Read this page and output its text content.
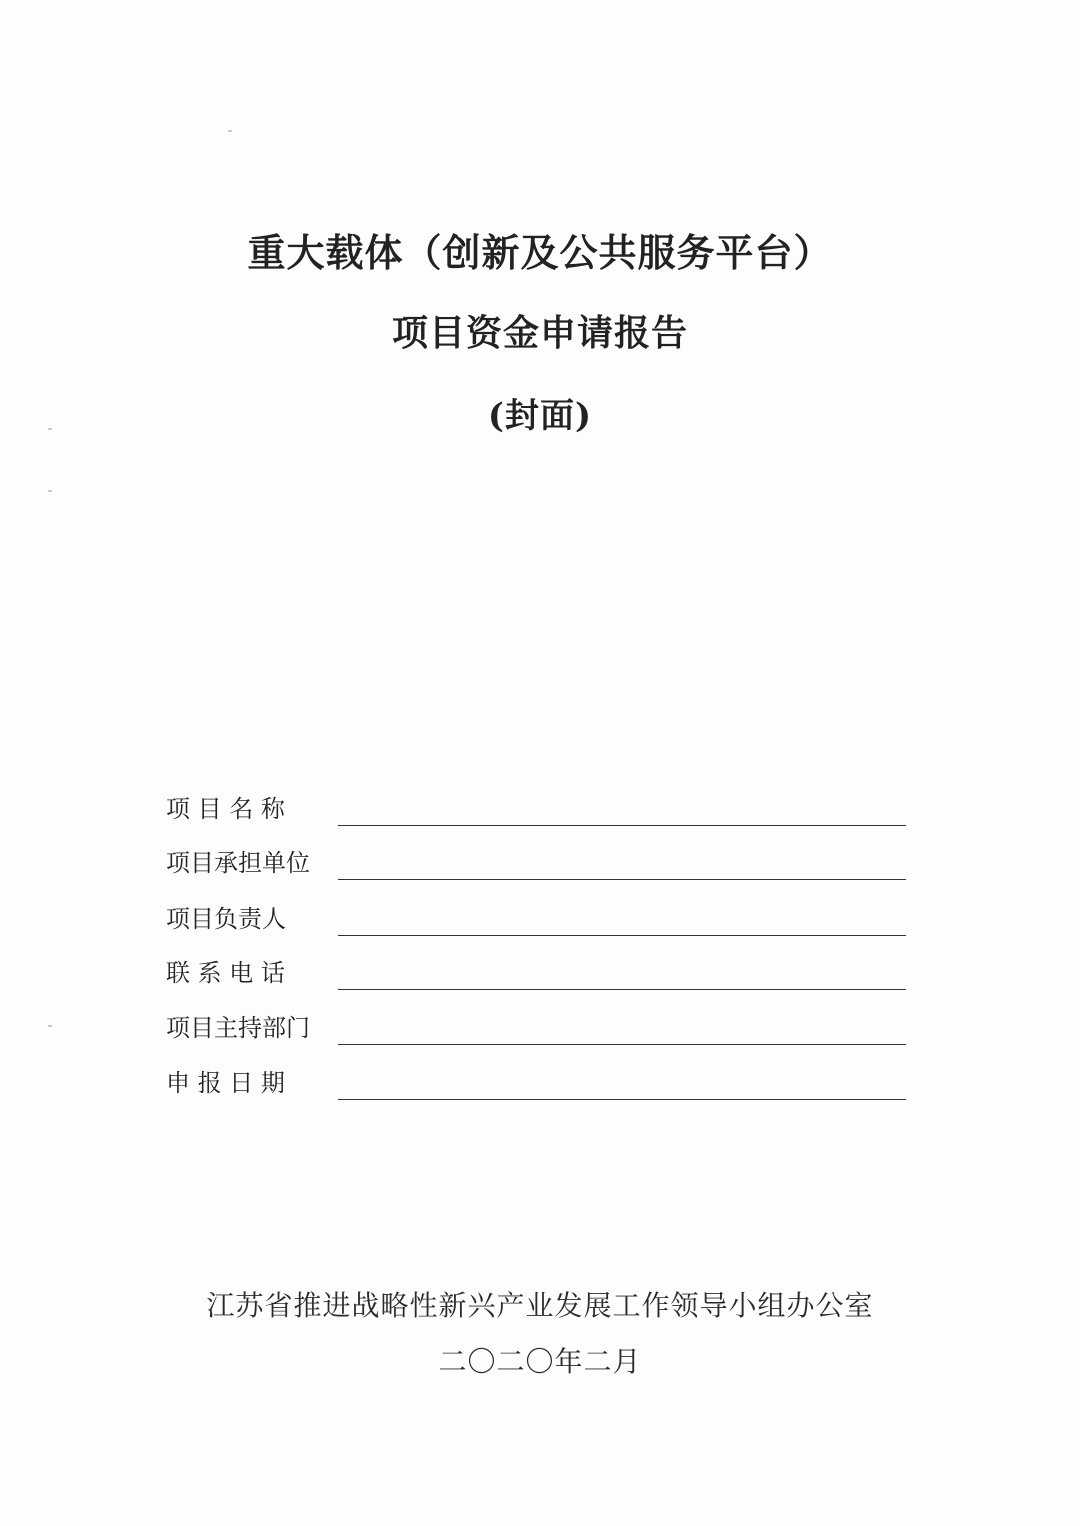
重大载体（创新及公共服务平台）
项目资金申请报告
(封面)
项 目 名 称
项目承担单位
项目负责人
联 系 电 话
项目主持部门
申 报 日 期
江苏省推进战略性新兴产业发展工作领导小组办公室
二〇二〇年二月
